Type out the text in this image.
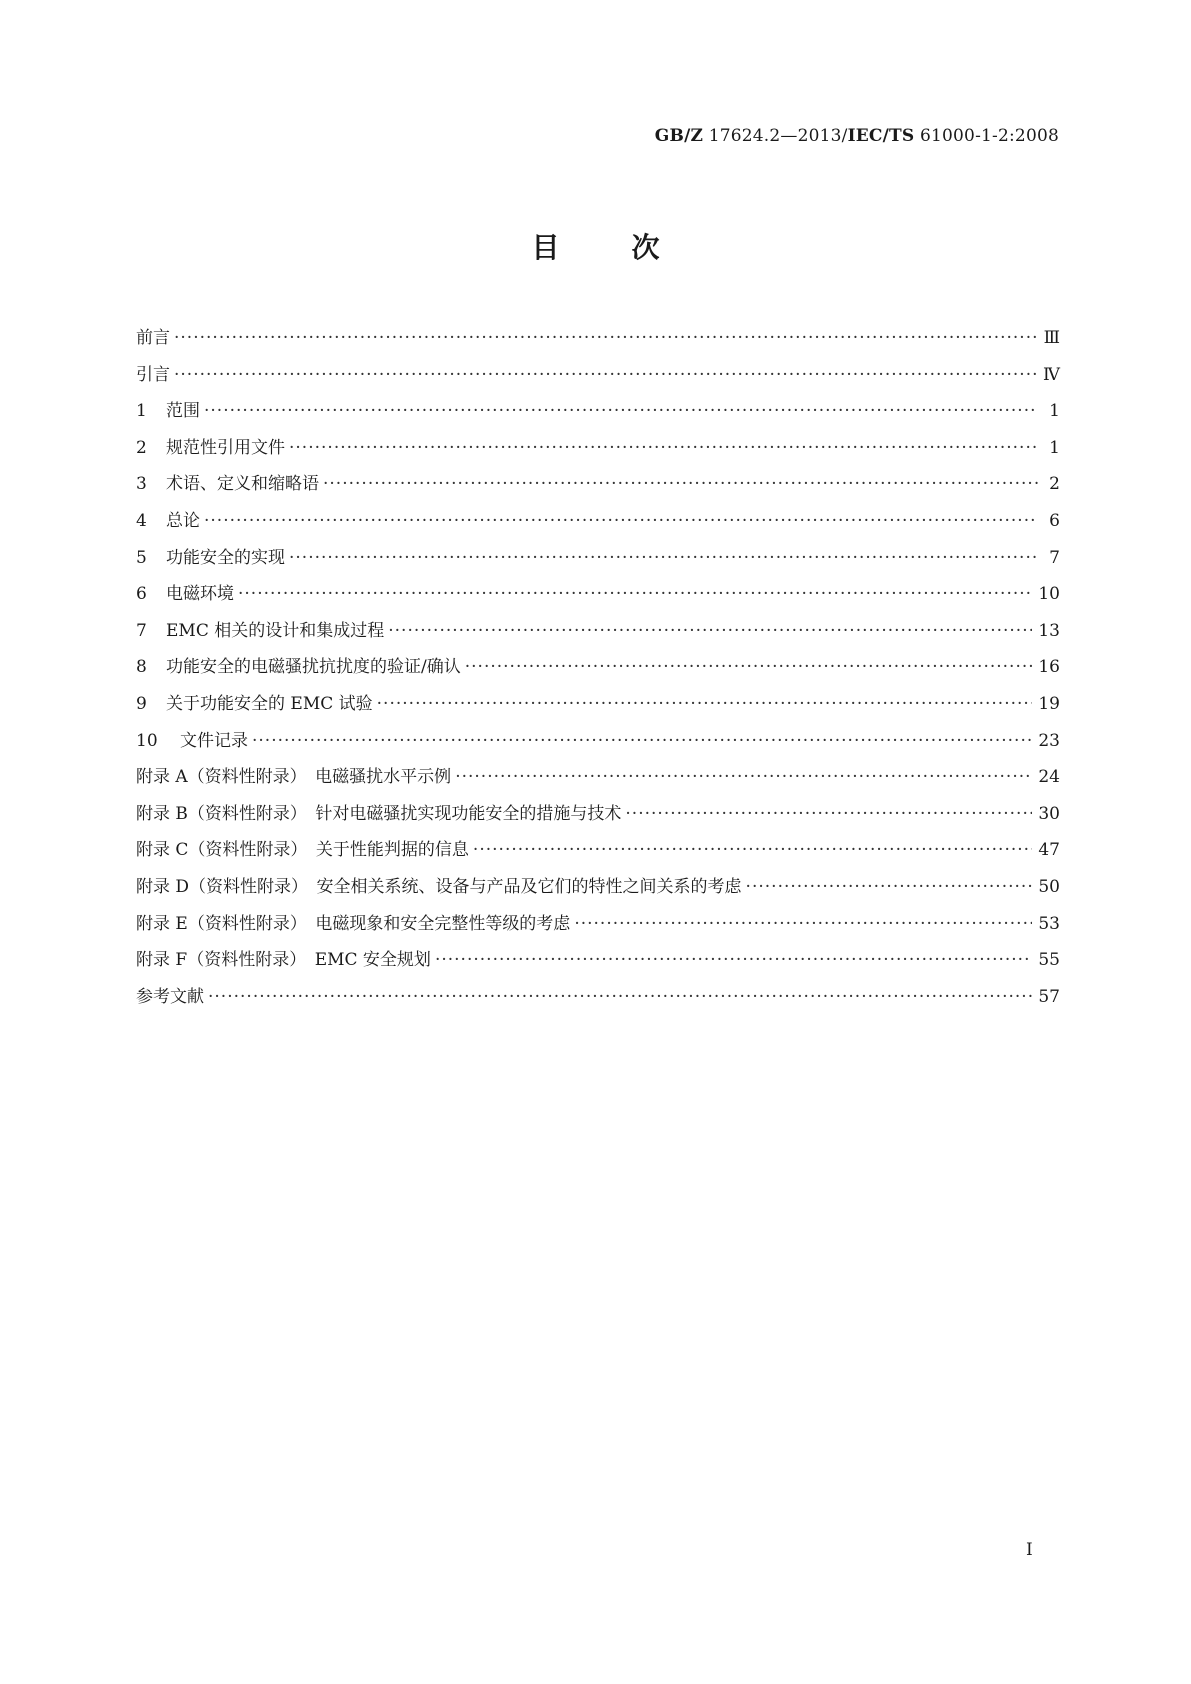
GB/Z 17624.2—2013/IEC/TS 61000-1-2:2008
目次
前言 ·····	Ⅲ
引言 ·····	Ⅳ
1 范围 ·····	1
2 规范性引用文件 ·····	1
3 术语、定义和缩略语 ·····	2
4 总论 ·····	6
5 功能安全的实现 ·····	7
6 电磁环境 ·····	10
7 EMC 相关的设计和集成过程 ·····	13
8 功能安全的电磁骚扰抗扰度的验证/确认 ·····	16
9 关于功能安全的 EMC 试验 ·····	19
10 文件记录 ·····	23
附录 A（资料性附录）　电磁骚扰水平示例 ·····	24
附录 B（资料性附录）　针对电磁骚扰实现功能安全的措施与技术 ·····	30
附录 C（资料性附录）　关于性能判据的信息 ·····	47
附录 D（资料性附录）　安全相关系统、设备与产品及它们的特性之间关系的考虑 ·····	50
附录 E（资料性附录）　电磁现象和安全完整性等级的考虑 ·····	53
附录 F（资料性附录）　EMC 安全规划 ·····	55
参考文献 ·····	57
I
